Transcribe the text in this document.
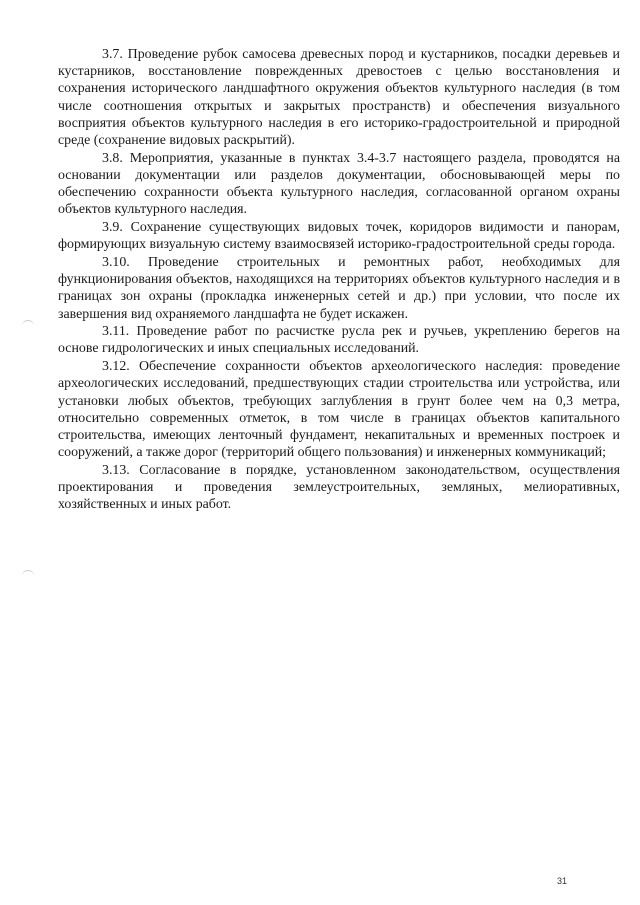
3.7. Проведение рубок самосева древесных пород и кустарников, посадки деревьев и кустарников, восстановление поврежденных древостоев с целью восстановления и сохранения исторического ландшафтного окружения объектов культурного наследия (в том числе соотношения открытых и закрытых пространств) и обеспечения визуального восприятия объектов культурного наследия в его историко-градостроительной и природной среде (сохранение видовых раскрытий).

3.8. Мероприятия, указанные в пунктах 3.4-3.7 настоящего раздела, проводятся на основании документации или разделов документации, обосновывающей меры по обеспечению сохранности объекта культурного наследия, согласованной органом охраны объектов культурного наследия.

3.9. Сохранение существующих видовых точек, коридоров видимости и панорам, формирующих визуальную систему взаимосвязей историко-градостроительной среды города.

3.10. Проведение строительных и ремонтных работ, необходимых для функционирования объектов, находящихся на территориях объектов культурного наследия и в границах зон охраны (прокладка инженерных сетей и др.) при условии, что после их завершения вид охраняемого ландшафта не будет искажен.

3.11. Проведение работ по расчистке русла рек и ручьев, укреплению берегов на основе гидрологических и иных специальных исследований.

3.12. Обеспечение сохранности объектов археологического наследия: проведение археологических исследований, предшествующих стадии строительства или устройства, или установки любых объектов, требующих заглубления в грунт более чем на 0,3 метра, относительно современных отметок, в том числе в границах объектов капитального строительства, имеющих ленточный фундамент, некапитальных и временных построек и сооружений, а также дорог (территорий общего пользования) и инженерных коммуникаций;

3.13. Согласование в порядке, установленном законодательством, осуществления проектирования и проведения землеустроительных, земляных, мелиоративных, хозяйственных и иных работ.

31
